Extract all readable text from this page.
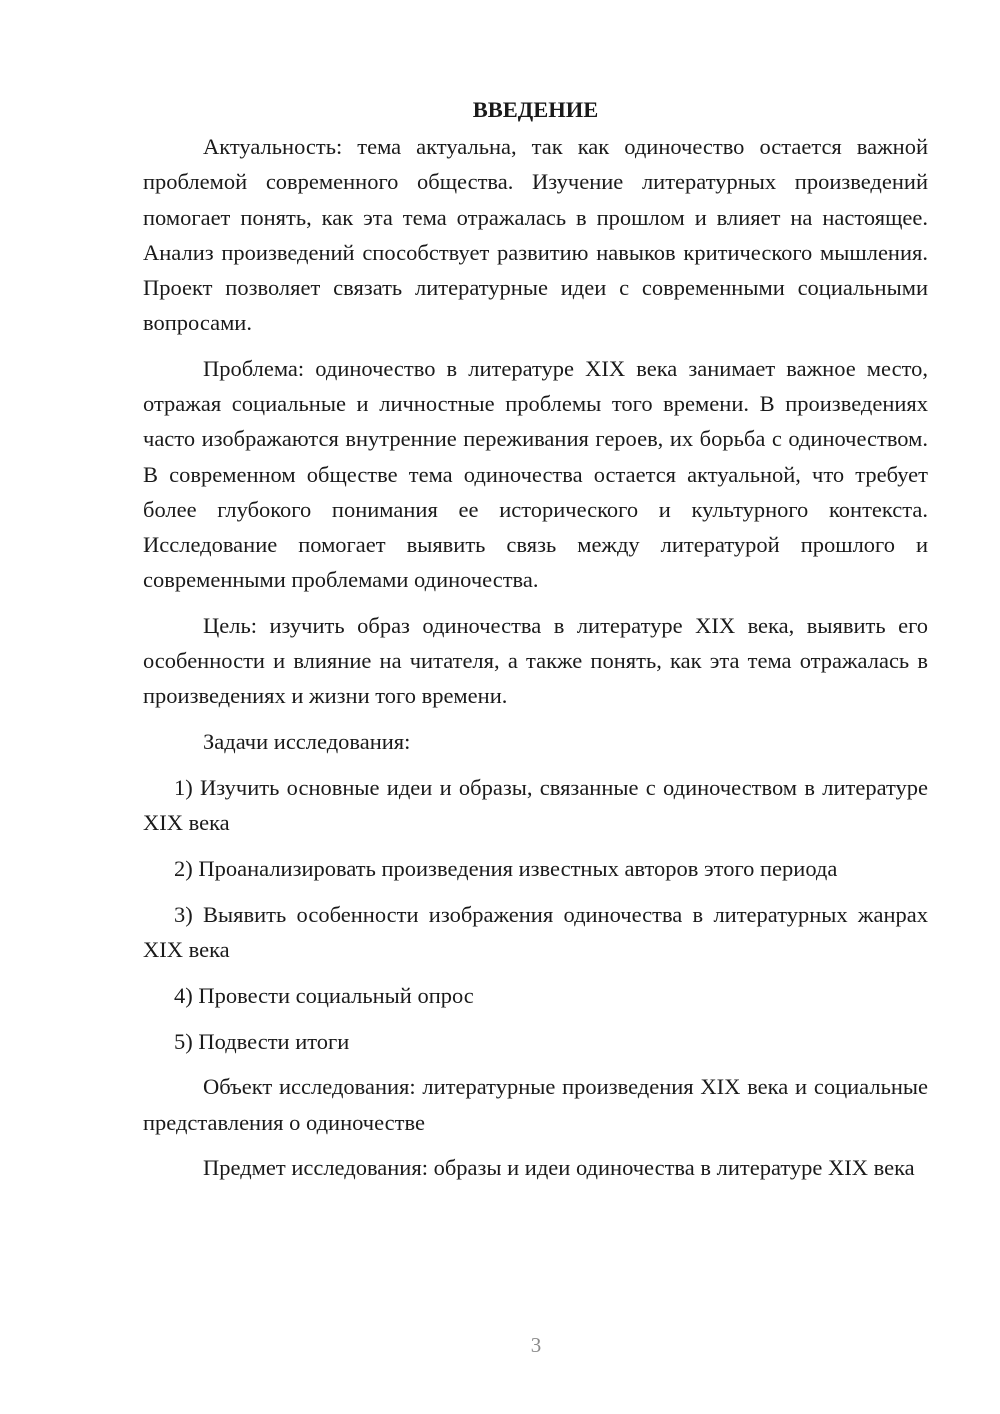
ВВЕДЕНИЕ

Актуальность: тема актуальна, так как одиночество остается важной проблемой современного общества. Изучение литературных произведений помогает понять, как эта тема отражалась в прошлом и влияет на настоящее. Анализ произведений способствует развитию навыков критического мышления. Проект позволяет связать литературные идеи с современными социальными вопросами.

Проблема: одиночество в литературе XIX века занимает важное место, отражая социальные и личностные проблемы того времени. В произведениях часто изображаются внутренние переживания героев, их борьба с одиночеством. В современном обществе тема одиночества остается актуальной, что требует более глубокого понимания ее исторического и культурного контекста. Исследование помогает выявить связь между литературой прошлого и современными проблемами одиночества.

Цель: изучить образ одиночества в литературе XIX века, выявить его особенности и влияние на читателя, а также понять, как эта тема отражалась в произведениях и жизни того времени.

Задачи исследования:

1) Изучить основные идеи и образы, связанные с одиночеством в литературе XIX века

2) Проанализировать произведения известных авторов этого периода

3) Выявить особенности изображения одиночества в литературных жанрах XIX века

4) Провести социальный опрос

5) Подвести итоги

Объект исследования: литературные произведения XIX века и социальные представления о одиночестве

Предмет исследования: образы и идеи одиночества в литературе XIX века

3
